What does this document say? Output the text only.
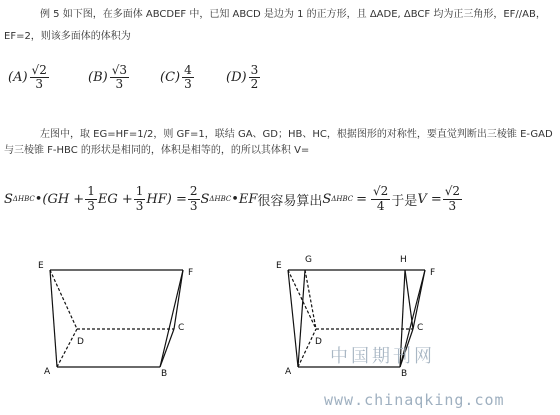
例 5 如下图，在多面体 ABCDEF 中，已知 ABCD 是边为 1 的正方形，且 ΔADE, ΔBCF 均为正三角形，EF//AB，
EF=2，则该多面体的体积为
$(A) \frac{√2}{3}$	$(B) \frac{√3}{3} (C) \frac{4}{3} (D) \frac{3}{2}$
左图中，取 EG=HF=1/2，则 GF=1，联结 GA、GD；HB、HC，根据图形的对称性，要直觉判断出三棱锥 E-GAD
与三棱锥 F-HBC 的形状是相同的，体积是相等的，的所以其体积 V=
S ΔHBC • ($GH + \frac{1}{3}$ EG + $\frac{1}{3} HF) = \frac{2}{3}$ S ΔHBC • EF 很容易算出 S $\Delta HBC = \frac{√2}{4}$ 于是 $V = \frac{√2}{3}$
E
F
D
C
A	B
E
G	H
F
D
C
A	B
中国期刊网
www.chinaqking.com
